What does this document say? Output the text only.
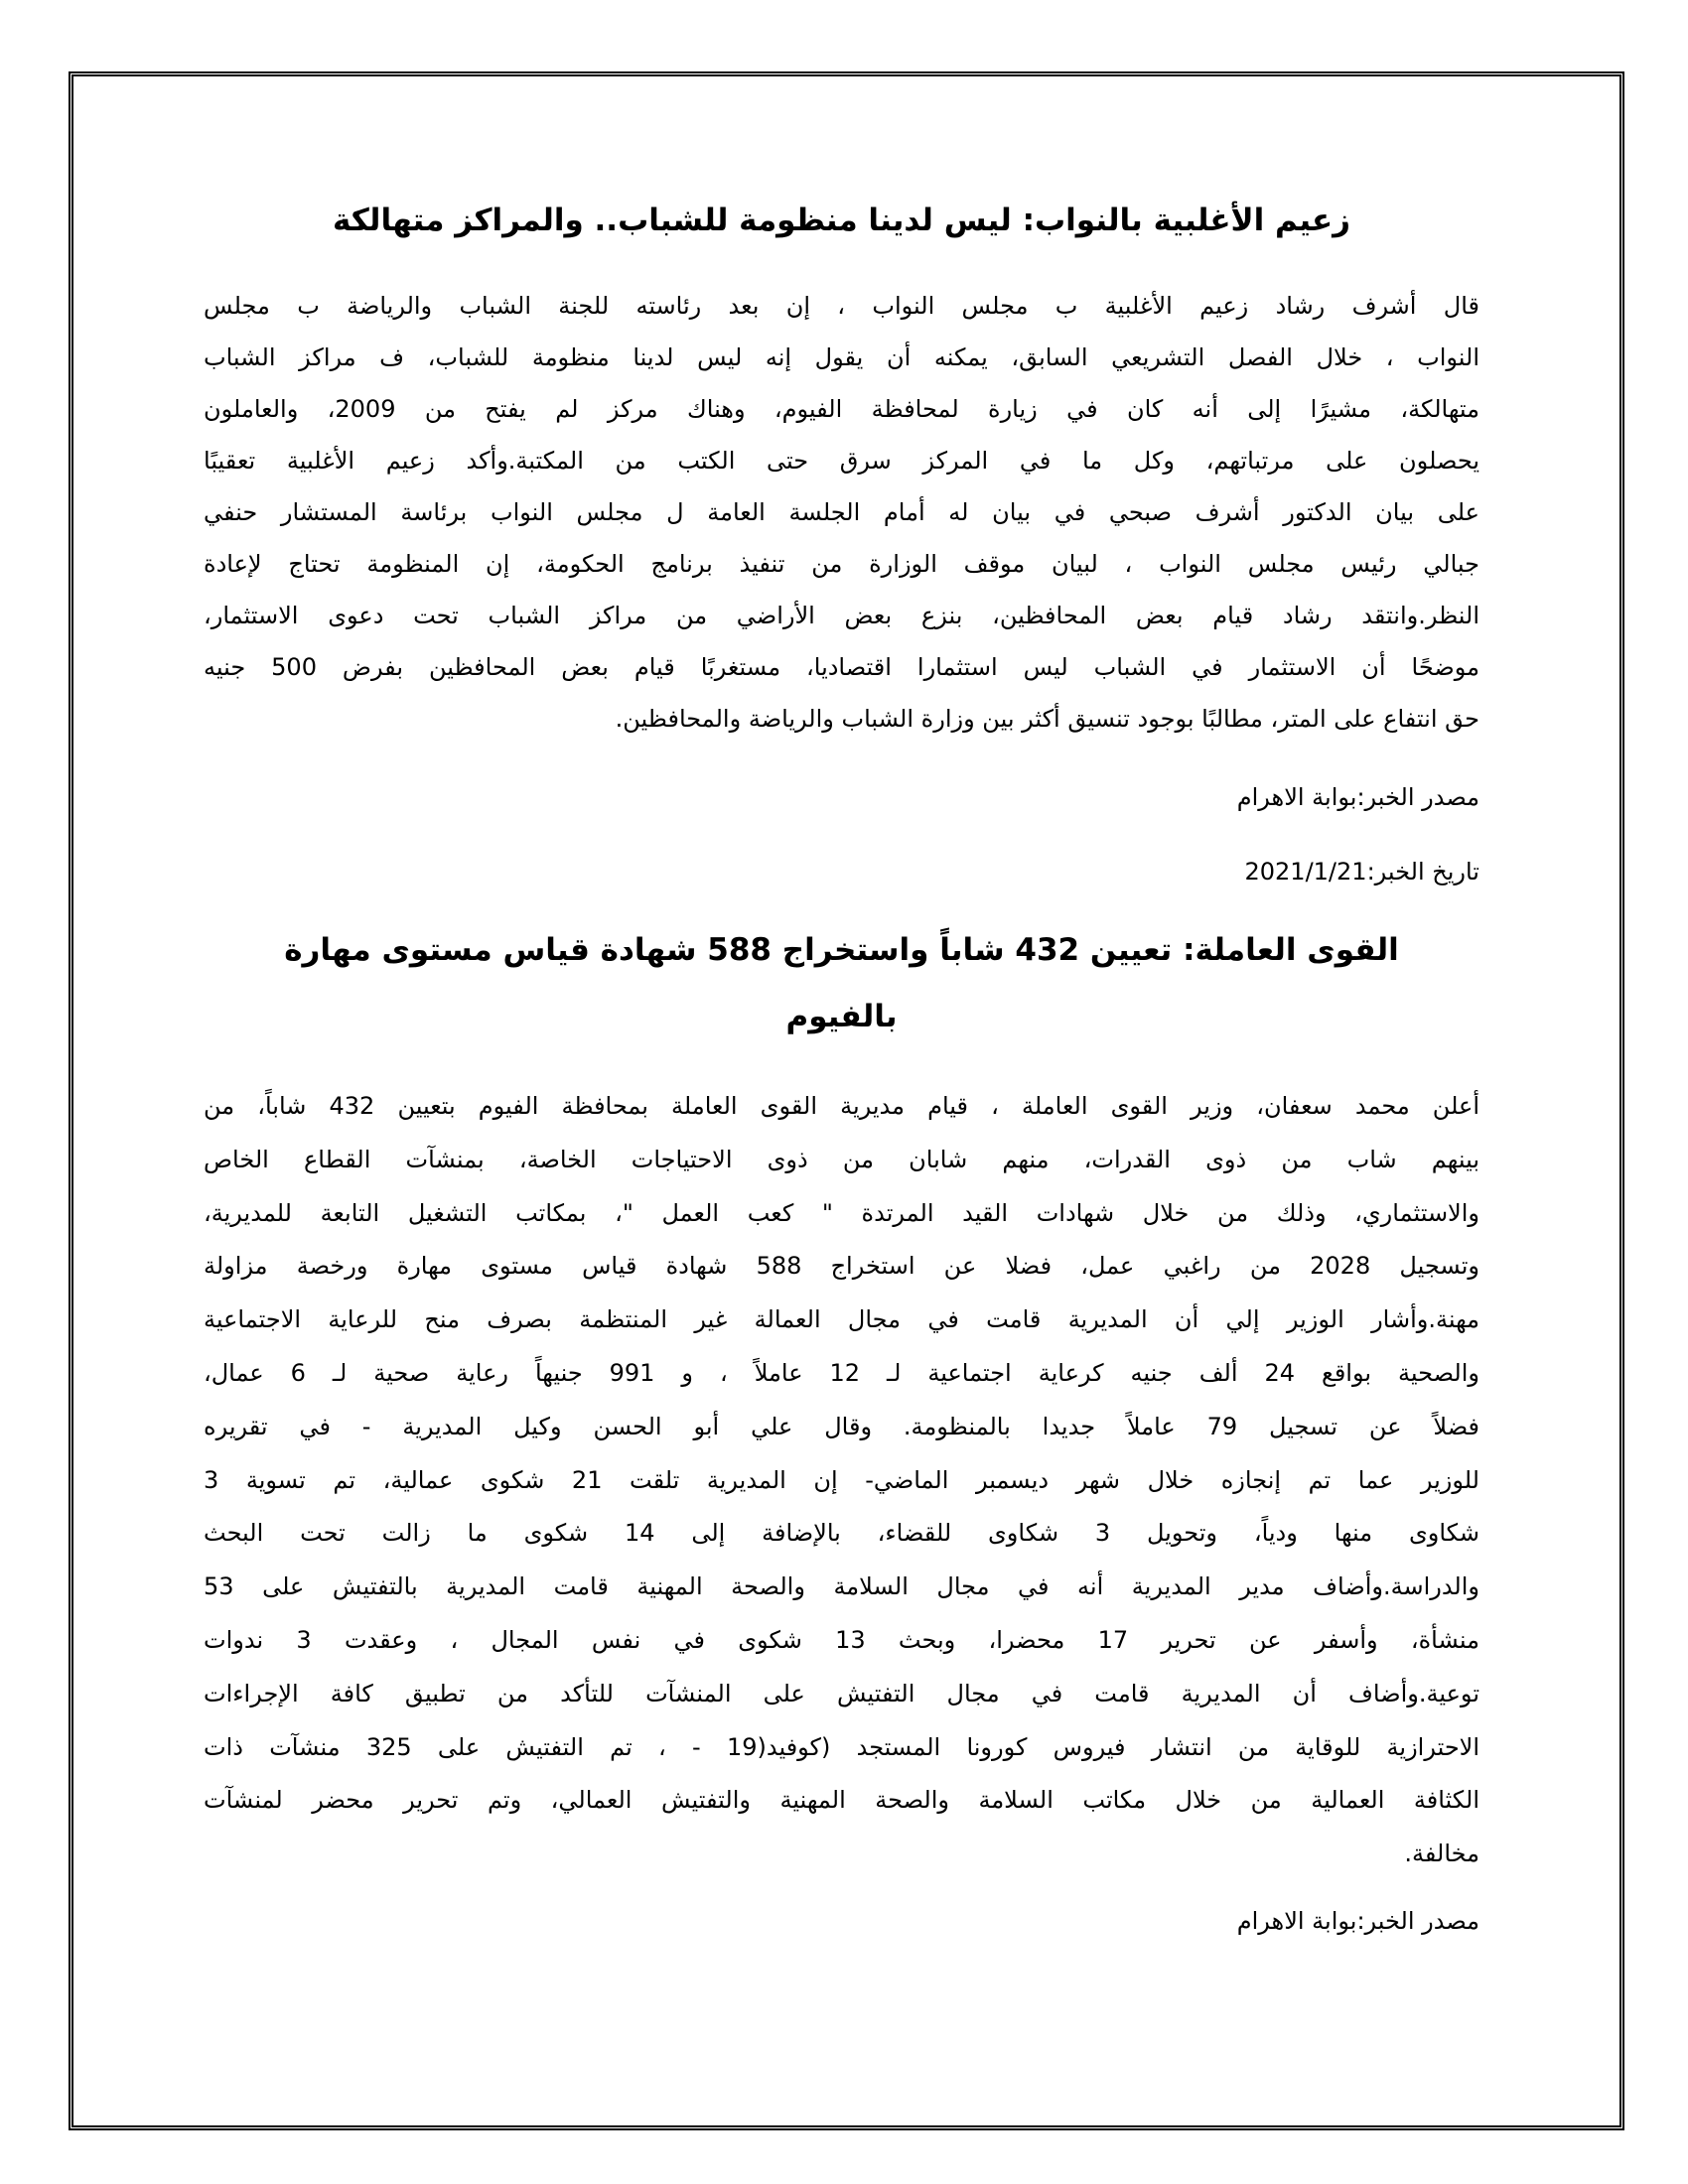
زعيم الأغلبية بالنواب: ليس لدينا منظومة للشباب.. والمراكز متهالكة
قال أشرف رشاد زعيم الأغلبية ب مجلس النواب ، إن بعد رئاسته للجنة الشباب والرياضة ب مجلس
النواب ، خلال الفصل التشريعي السابق، يمكنه أن يقول إنه ليس لدينا منظومة للشباب، ف مراكز الشباب
متهالكة، مشيرًا إلى أنه كان في زيارة لمحافظة الفيوم، وهناك مركز لم يفتح من 2009، والعاملون
يحصلون على مرتباتهم، وكل ما في المركز سرق حتى الكتب من المكتبة.وأكد زعيم الأغلبية تعقيبًا
على بيان الدكتور أشرف صبحي في بيان له أمام الجلسة العامة ل مجلس النواب برئاسة المستشار حنفي
جبالي رئيس مجلس النواب ، لبيان موقف الوزارة من تنفيذ برنامج الحكومة، إن المنظومة تحتاج لإعادة
النظر.وانتقد رشاد قيام بعض المحافظين، بنزع بعض الأراضي من مراكز الشباب تحت دعوى الاستثمار،
موضحًا أن الاستثمار في الشباب ليس استثمارا اقتصاديا، مستغربًا قيام بعض المحافظين بفرض 500 جنيه
حق انتفاع على المتر، مطالبًا بوجود تنسيق أكثر بين وزارة الشباب والرياضة والمحافظين.
مصدر الخبر:بوابة الاهرام
تاريخ الخبر:2021/1/21
القوى العاملة: تعيين 432 شاباً واستخراج 588 شهادة قياس مستوى مهارة
بالفيوم
أعلن محمد سعفان، وزير القوى العاملة ، قيام مديرية القوى العاملة بمحافظة الفيوم بتعيين 432 شاباً، من
بينهم شاب من ذوى القدرات، منهم شابان من ذوى الاحتياجات الخاصة، بمنشآت القطاع الخاص
والاستثماري، وذلك من خلال شهادات القيد المرتدة " كعب العمل "، بمكاتب التشغيل التابعة للمديرية،
وتسجيل 2028 من راغبي عمل، فضلا عن استخراج 588 شهادة قياس مستوى مهارة ورخصة مزاولة
مهنة.وأشار الوزير إلي أن المديرية قامت في مجال العمالة غير المنتظمة بصرف منح للرعاية الاجتماعية
والصحية بواقع 24 ألف جنيه كرعاية اجتماعية لـ 12 عاملاً ، و 991 جنيهاً رعاية صحية لـ 6 عمال،
فضلاً عن تسجيل 79 عاملاً جديدا بالمنظومة. وقال علي أبو الحسن وكيل المديرية - في تقريره
للوزير عما تم إنجازه خلال شهر ديسمبر الماضي- إن المديرية تلقت 21 شكوى عمالية، تم تسوية 3
شكاوى منها ودياً، وتحويل 3 شكاوى للقضاء، بالإضافة إلى 14 شكوى ما زالت تحت البحث
والدراسة.وأضاف مدير المديرية أنه في مجال السلامة والصحة المهنية قامت المديرية بالتفتيش على 53
منشأة، وأسفر عن تحرير 17 محضرا، وبحث 13 شكوى في نفس المجال ، وعقدت 3 ندوات
توعية.وأضاف أن المديرية قامت في مجال التفتيش على المنشآت للتأكد من تطبيق كافة الإجراءات
الاحترازية للوقاية من انتشار فيروس كورونا المستجد (كوفيد(19 - ، تم التفتيش على 325 منشآت ذات
الكثافة العمالية من خلال مكاتب السلامة والصحة المهنية والتفتيش العمالي، وتم تحرير محضر لمنشآت
مخالفة.
مصدر الخبر:بوابة الاهرام
